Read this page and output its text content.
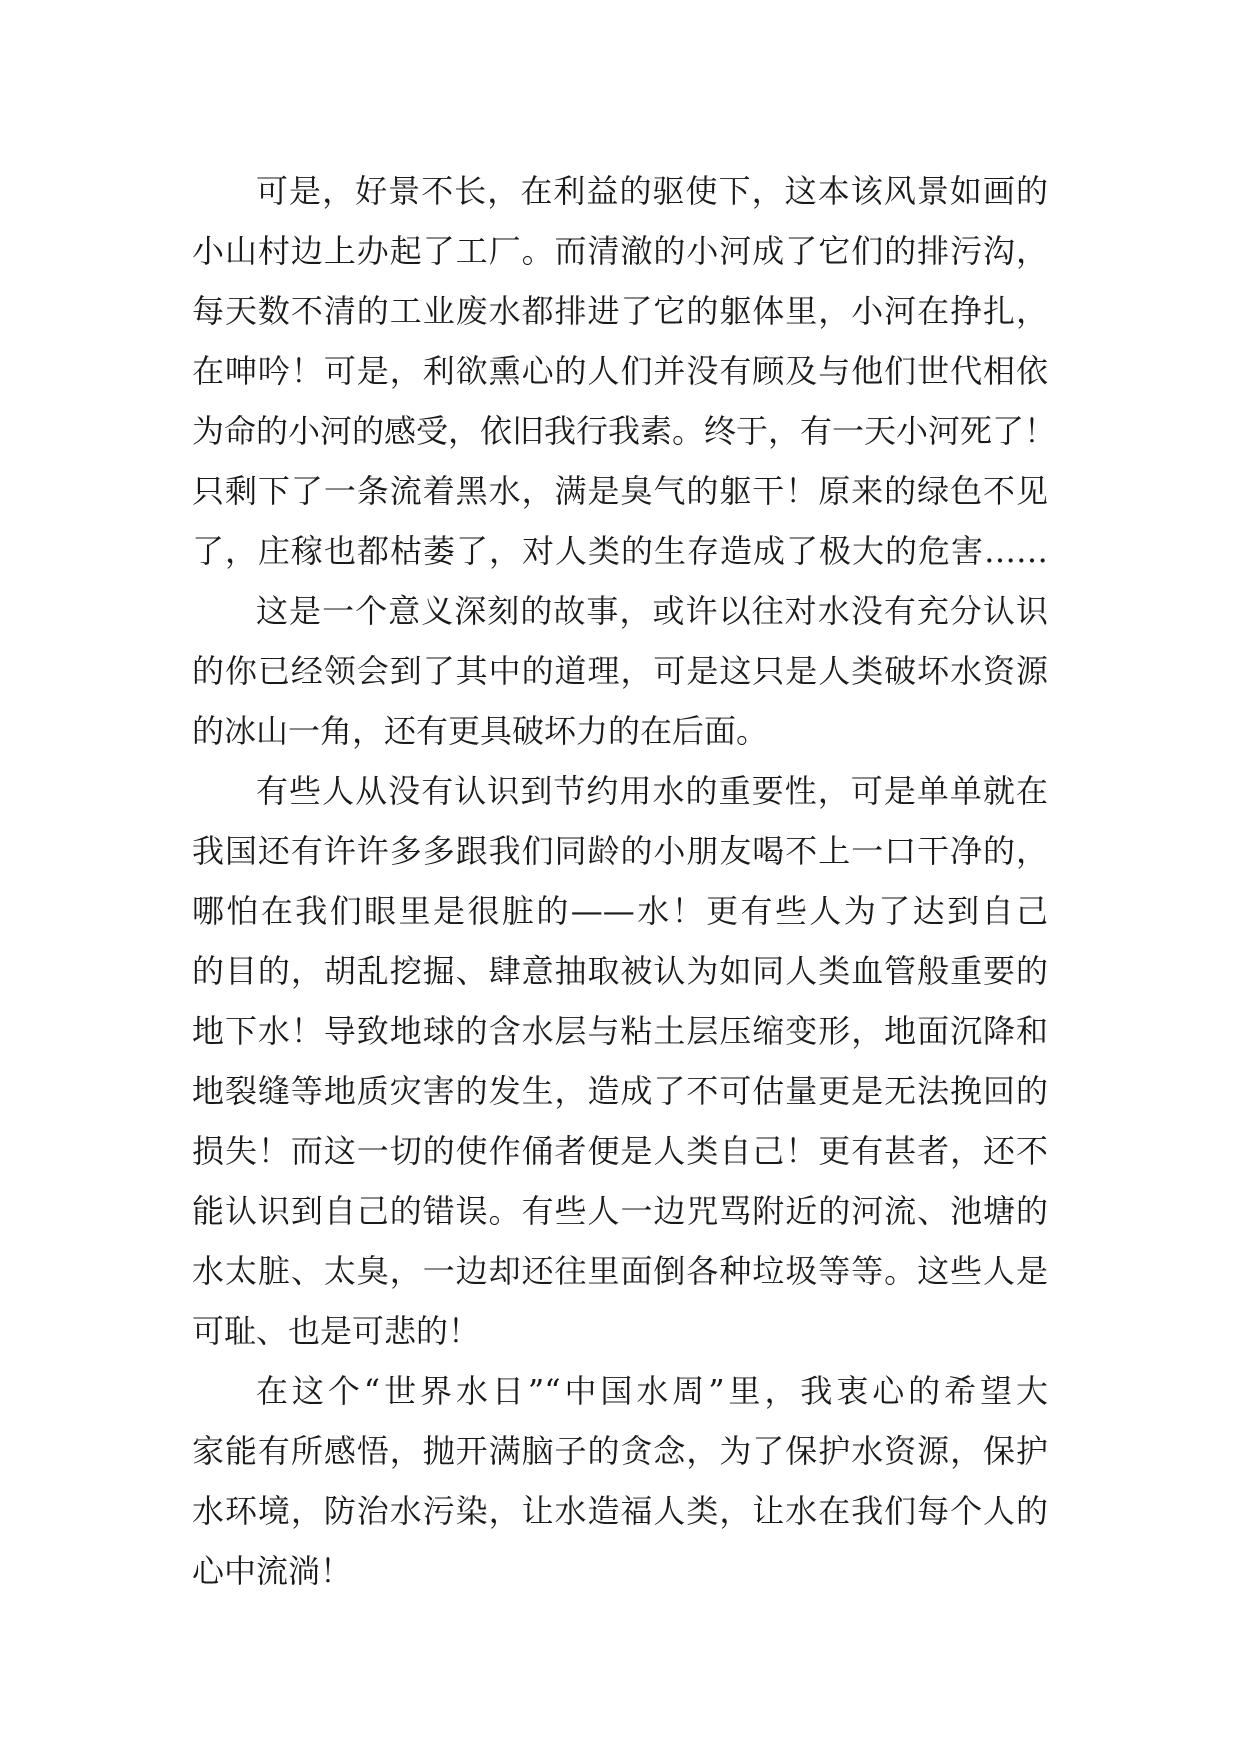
可是，好景不长，在利益的驱使下，这本该风景如画的
小山村边上办起了工厂。而清澈的小河成了它们的排污沟，
每天数不清的工业废水都排进了它的躯体里，小河在挣扎，
在呻吟！可是，利欲熏心的人们并没有顾及与他们世代相依
为命的小河的感受，依旧我行我素。终于，有一天小河死了！
只剩下了一条流着黑水，满是臭气的躯干！原来的绿色不见
了，庄稼也都枯萎了，对人类的生存造成了极大的危害……
这是一个意义深刻的故事，或许以往对水没有充分认识
的你已经领会到了其中的道理，可是这只是人类破坏水资源
的冰山一角，还有更具破坏力的在后面。
有些人从没有认识到节约用水的重要性，可是单单就在
我国还有许许多多跟我们同龄的小朋友喝不上一口干净的，
哪怕在我们眼里是很脏的——水！更有些人为了达到自己
的目的，胡乱挖掘、肆意抽取被认为如同人类血管般重要的
地下水！导致地球的含水层与粘土层压缩变形，地面沉降和
地裂缝等地质灾害的发生，造成了不可估量更是无法挽回的
损失！而这一切的使作俑者便是人类自己！更有甚者，还不
能认识到自己的错误。有些人一边咒骂附近的河流、池塘的
水太脏、太臭，一边却还往里面倒各种垃圾等等。这些人是
可耻、也是可悲的！
在这个“世界水日”“中国水周”里，我衷心的希望大
家能有所感悟，抛开满脑子的贪念，为了保护水资源，保护
水环境，防治水污染，让水造福人类，让水在我们每个人的
心中流淌！
